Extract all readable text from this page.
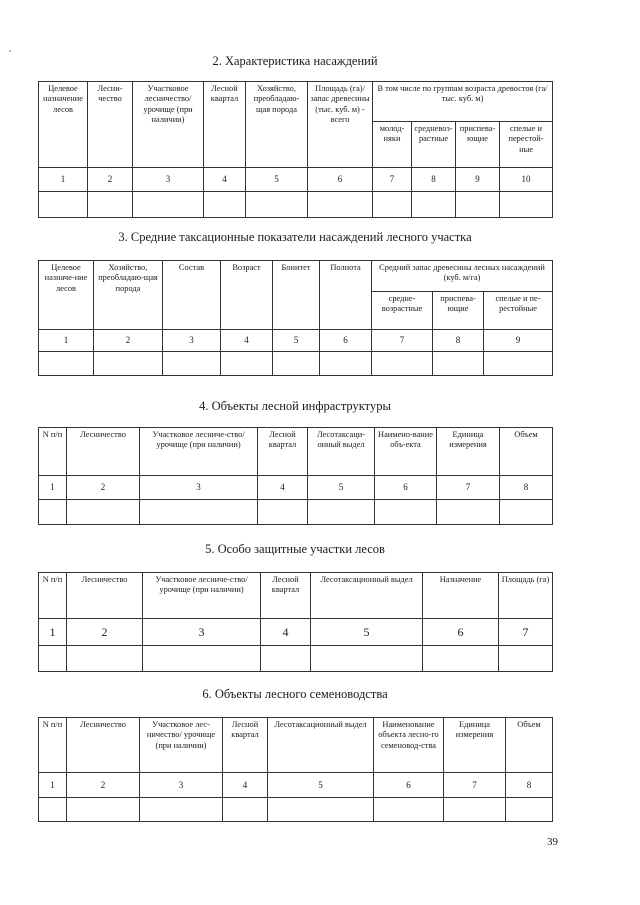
2. Характеристика насаждений
Целевое назначение лесов	Лесни-чество	Участковое лесничество/ урочище (при наличии)	Лесной квартал	Хозяйство, преобладаю-щая порода	Площадь (га)/запас древесины (тыс. куб. м) - всего	В том числе по группам возраста древостоя (га/тыс. куб. м)			
						молод-няки	средневоз-растные	приспева-ющие	спелые и перестой-ные
1	2	3	4	5	6	7	8	9	10

3. Средние таксационные показатели насаждений лесного участка
Целевое назначе-ние лесов	Хозяйство, преобладаю-щая порода	Состав	Возраст	Бонитет	Полнота	Средний запас древесины лесных насаждений (куб. м/га)		
						средне-возрастные	приспева-ющие	спелые и пе-рестойные
1	2	3	4	5	6	7	8	9

4. Объекты лесной инфраструктуры
N п/п	Лесничество	Участковое лесниче-ство/урочище (при наличии)	Лесной квартал	Лесотаксаци-онный выдел	Наимено-вание объ-екта	Единица измерения	Объем
1	2	3	4	5	6	7	8

5. Особо защитные участки лесов
N п/п	Лесничество	Участковое лесниче-ство/урочище (при наличии)	Лесной квартал	Лесотаксационный выдел	Назначение	Площадь (га)
1	2	3	4	5	6	7

6. Объекты лесного семеноводства
N п/п	Лесничество	Участковое лес-ничество/ урочище (при наличии)	Лесной квартал	Лесотаксационный выдел	Наименование объекта лесно-го семеновод-ства	Единица измерения	Объем
1	2	3	4	5	6	7	8

39
